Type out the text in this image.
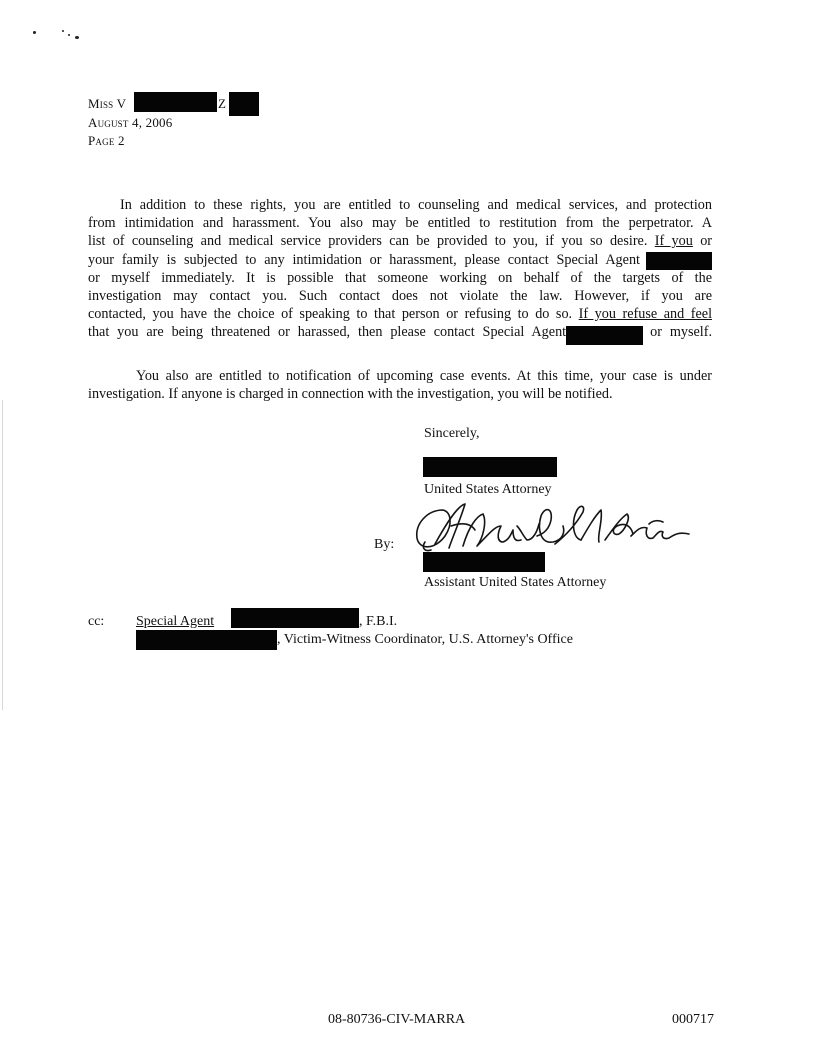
Miss V	Z
August 4, 2006
Page 2
In addition to these rights, you are entitled to counseling and medical services, and protection
from intimidation and harassment. You also may be entitled to restitution from the perpetrator. A
list of counseling and medical service providers can be provided to you, if you so desire. If you or
your family is subjected to any intimidation or harassment, please contact Special Agent
or myself immediately. It is possible that someone working on behalf of the targets of the
investigation may contact you. Such contact does not violate the law. However, if you are
contacted, you have the choice of speaking to that person or refusing to do so. If you refuse and feel
that you are being threatened or harassed, then please contact Special Agent	or myself.
You also are entitled to notification of upcoming case events. At this time, your case is under
investigation. If anyone is charged in connection with the investigation, you will be notified.
Sincerely,
United States Attorney
By:
Assistant United States Attorney
cc: Special Agent	, F.B.I.
, Victim-Witness Coordinator, U.S. Attorney's Office
08-80736-CIV-MARRA	000717
